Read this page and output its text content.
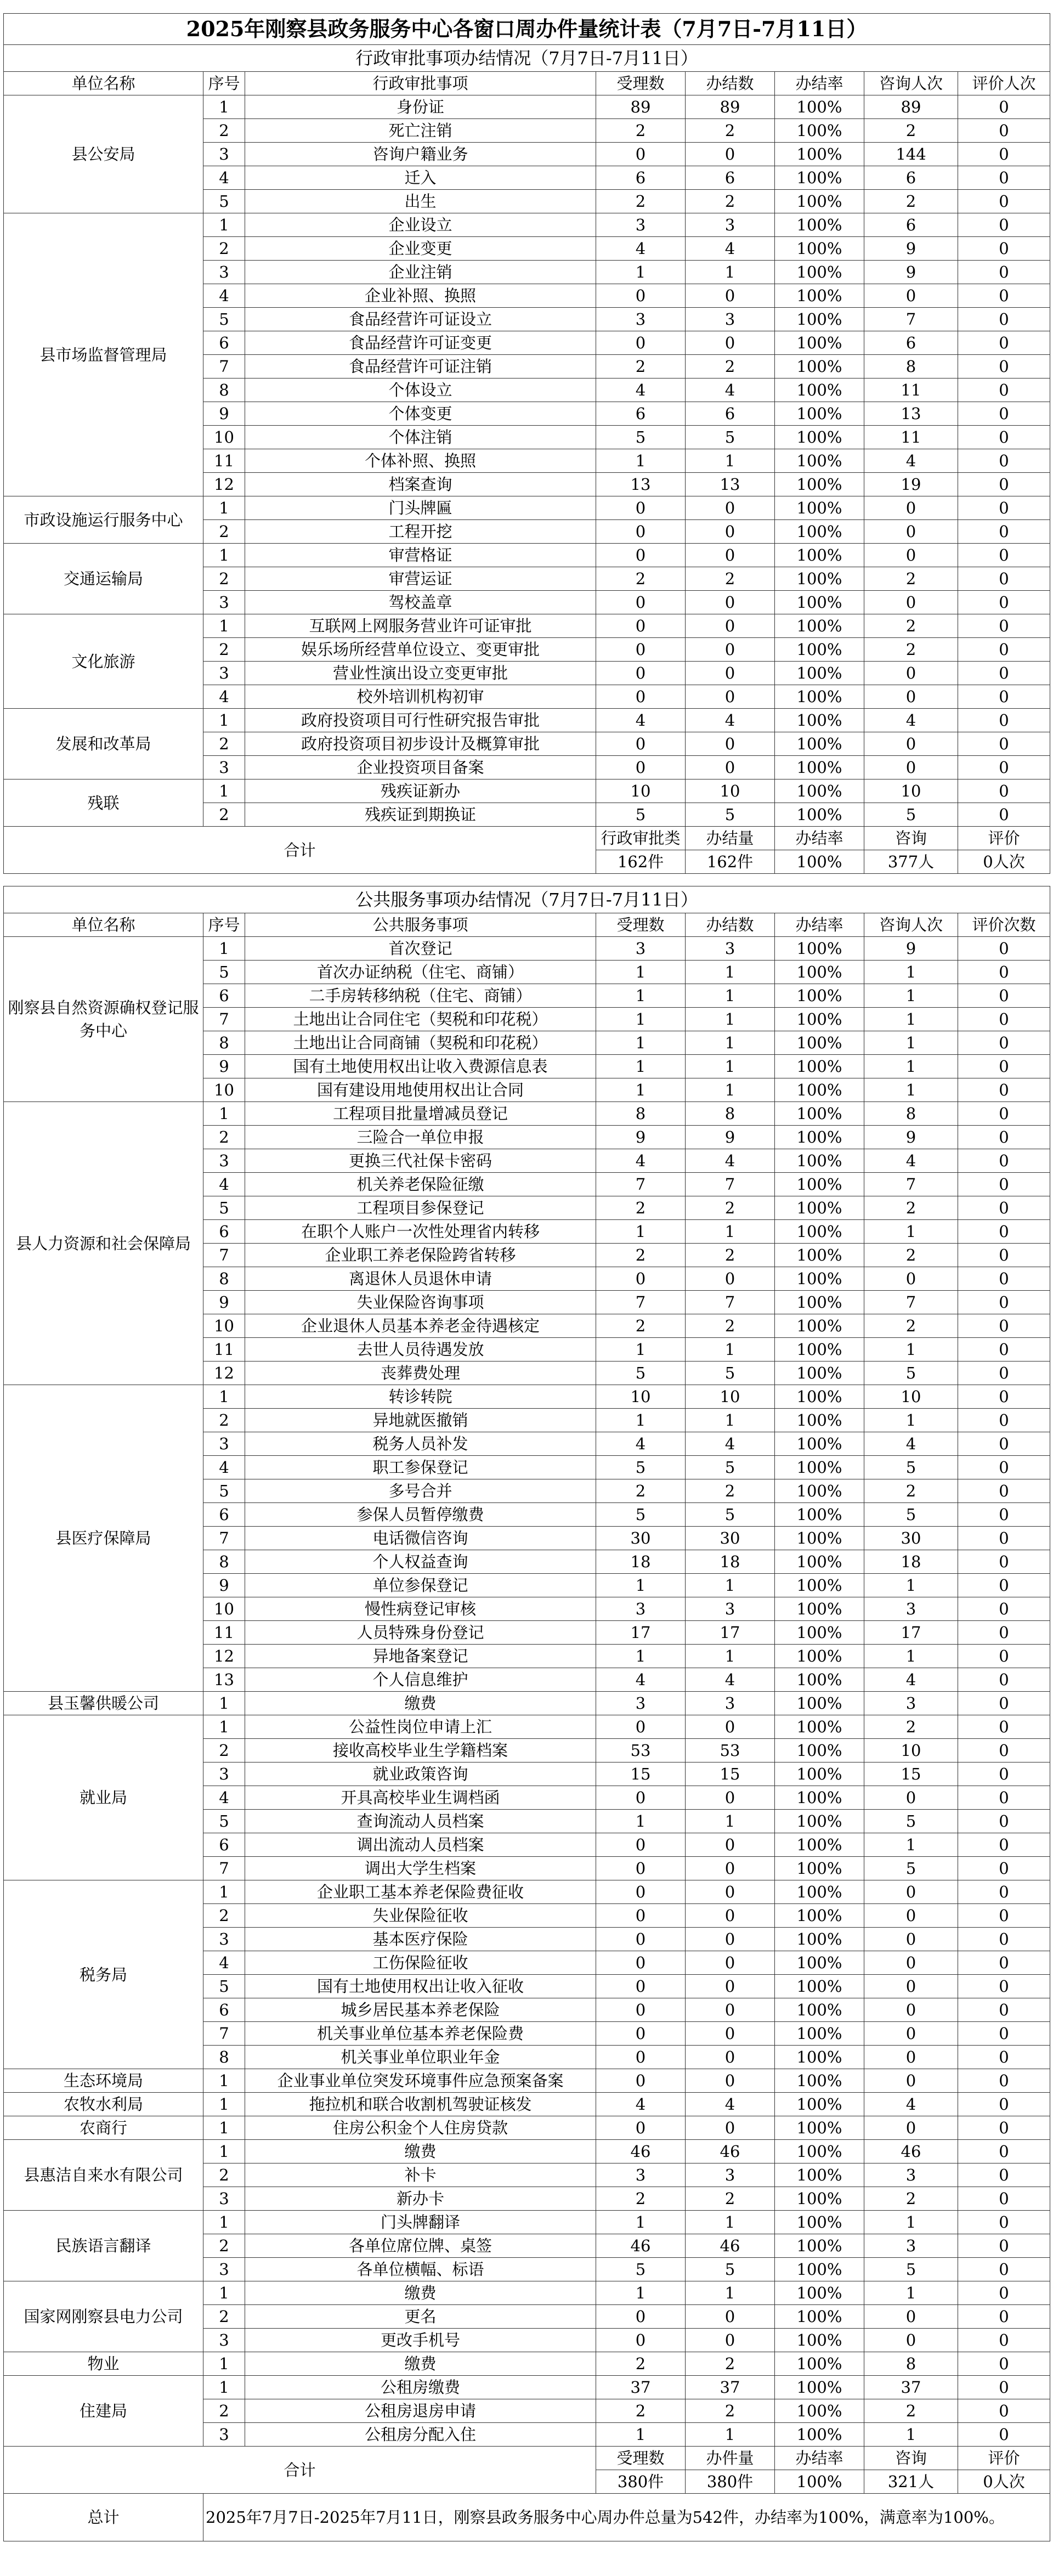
2025年刚察县政务服务中心各窗口周办件量统计表（7月7日-7月11日）							
行政审批事项办结情况（7月7日-7月11日）							
单位名称	序号	行政审批事项	受理数	办结数	办结率	咨询人次	评价人次
县公安局	1	身份证	89	89	100%	89	0
	2	死亡注销	2	2	100%	2	0
	3	咨询户籍业务	0	0	100%	144	0
	4	迁入	6	6	100%	6	0
	5	出生	2	2	100%	2	0
县市场监督管理局	1	企业设立	3	3	100%	6	0
	2	企业变更	4	4	100%	9	0
	3	企业注销	1	1	100%	9	0
	4	企业补照、换照	0	0	100%	0	0
	5	食品经营许可证设立	3	3	100%	7	0
	6	食品经营许可证变更	0	0	100%	6	0
	7	食品经营许可证注销	2	2	100%	8	0
	8	个体设立	4	4	100%	11	0
	9	个体变更	6	6	100%	13	0
	10	个体注销	5	5	100%	11	0
	11	个体补照、换照	1	1	100%	4	0
	12	档案查询	13	13	100%	19	0
市政设施运行服务中心	1	门头牌匾	0	0	100%	0	0
	2	工程开挖	0	0	100%	0	0
交通运输局	1	审营格证	0	0	100%	0	0
	2	审营运证	2	2	100%	2	0
	3	驾校盖章	0	0	100%	0	0
文化旅游	1	互联网上网服务营业许可证审批	0	0	100%	2	0
	2	娱乐场所经营单位设立、变更审批	0	0	100%	2	0
	3	营业性演出设立变更审批	0	0	100%	0	0
	4	校外培训机构初审	0	0	100%	0	0
发展和改革局	1	政府投资项目可行性研究报告审批	4	4	100%	4	0
	2	政府投资项目初步设计及概算审批	0	0	100%	0	0
	3	企业投资项目备案	0	0	100%	0	0
残联	1	残疾证新办	10	10	100%	10	0
	2	残疾证到期换证	5	5	100%	5	0
合计			行政审批类	办结量	办结率	咨询	评价
			162件	162件	100%	377人	0人次

公共服务事项办结情况（7月7日-7月11日）							
单位名称	序号	公共服务事项	受理数	办结数	办结率	咨询人次	评价次数
刚察县自然资源确权登记服务中心	1	首次登记	3	3	100%	9	0
	5	首次办证纳税（住宅、商铺）	1	1	100%	1	0
	6	二手房转移纳税（住宅、商铺）	1	1	100%	1	0
	7	土地出让合同住宅（契税和印花税）	1	1	100%	1	0
	8	土地出让合同商铺（契税和印花税）	1	1	100%	1	0
	9	国有土地使用权出让收入费源信息表	1	1	100%	1	0
	10	国有建设用地使用权出让合同	1	1	100%	1	0
县人力资源和社会保障局	1	工程项目批量增减员登记	8	8	100%	8	0
	2	三险合一单位申报	9	9	100%	9	0
	3	更换三代社保卡密码	4	4	100%	4	0
	4	机关养老保险征缴	7	7	100%	7	0
	5	工程项目参保登记	2	2	100%	2	0
	6	在职个人账户一次性处理省内转移	1	1	100%	1	0
	7	企业职工养老保险跨省转移	2	2	100%	2	0
	8	离退休人员退休申请	0	0	100%	0	0
	9	失业保险咨询事项	7	7	100%	7	0
	10	企业退休人员基本养老金待遇核定	2	2	100%	2	0
	11	去世人员待遇发放	1	1	100%	1	0
	12	丧葬费处理	5	5	100%	5	0
县医疗保障局	1	转诊转院	10	10	100%	10	0
	2	异地就医撤销	1	1	100%	1	0
	3	税务人员补发	4	4	100%	4	0
	4	职工参保登记	5	5	100%	5	0
	5	多号合并	2	2	100%	2	0
	6	参保人员暂停缴费	5	5	100%	5	0
	7	电话微信咨询	30	30	100%	30	0
	8	个人权益查询	18	18	100%	18	0
	9	单位参保登记	1	1	100%	1	0
	10	慢性病登记审核	3	3	100%	3	0
	11	人员特殊身份登记	17	17	100%	17	0
	12	异地备案登记	1	1	100%	1	0
	13	个人信息维护	4	4	100%	4	0
县玉馨供暖公司	1	缴费	3	3	100%	3	0
就业局	1	公益性岗位申请上汇	0	0	100%	2	0
	2	接收高校毕业生学籍档案	53	53	100%	10	0
	3	就业政策咨询	15	15	100%	15	0
	4	开具高校毕业生调档函	0	0	100%	0	0
	5	查询流动人员档案	1	1	100%	5	0
	6	调出流动人员档案	0	0	100%	1	0
	7	调出大学生档案	0	0	100%	5	0
税务局	1	企业职工基本养老保险费征收	0	0	100%	0	0
	2	失业保险征收	0	0	100%	0	0
	3	基本医疗保险	0	0	100%	0	0
	4	工伤保险征收	0	0	100%	0	0
	5	国有土地使用权出让收入征收	0	0	100%	0	0
	6	城乡居民基本养老保险	0	0	100%	0	0
	7	机关事业单位基本养老保险费	0	0	100%	0	0
	8	机关事业单位职业年金	0	0	100%	0	0
生态环境局	1	企业事业单位突发环境事件应急预案备案	0	0	100%	0	0
农牧水利局	1	拖拉机和联合收割机驾驶证核发	4	4	100%	4	0
农商行	1	住房公积金个人住房贷款	0	0	100%	0	0
县惠洁自来水有限公司	1	缴费	46	46	100%	46	0
	2	补卡	3	3	100%	3	0
	3	新办卡	2	2	100%	2	0
民族语言翻译	1	门头牌翻译	1	1	100%	1	0
	2	各单位席位牌、桌签	46	46	100%	3	0
	3	各单位横幅、标语	5	5	100%	5	0
国家网刚察县电力公司	1	缴费	1	1	100%	1	0
	2	更名	0	0	100%	0	0
	3	更改手机号	0	0	100%	0	0
物业	1	缴费	2	2	100%	8	0
住建局	1	公租房缴费	37	37	100%	37	0
	2	公租房退房申请	2	2	100%	2	0
	3	公租房分配入住	1	1	100%	1	0
合计			受理数	办件量	办结率	咨询	评价
			380件	380件	100%	321人	0人次
总计	2025年7月7日-2025年7月11日，刚察县政务服务中心周办件总量为542件，办结率为100%，满意率为100%。						
